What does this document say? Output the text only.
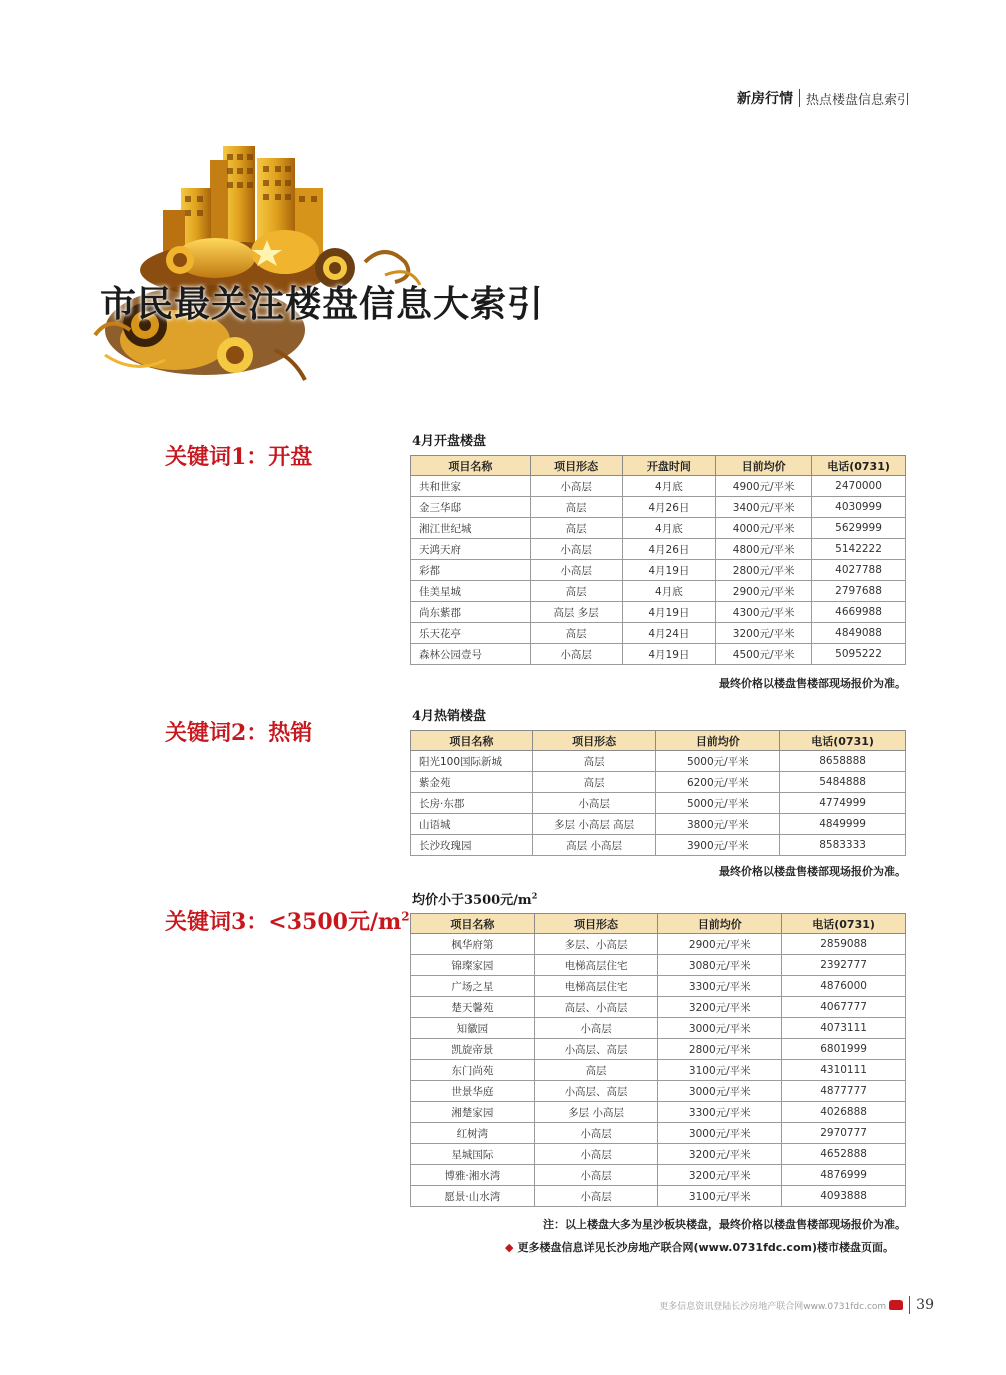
新房行情 热点楼盘信息索引
市民最关注楼盘信息大索引
关键词1：开盘
4月开盘楼盘
项目名称	项目形态	开盘时间	目前均价	电话(0731)
共和世家	小高层	4月底	4900元/平米	2470000
金三华邸	高层	4月26日	3400元/平米	4030999
湘江世纪城	高层	4月底	4000元/平米	5629999
天鸿天府	小高层	4月26日	4800元/平米	5142222
彩都	小高层	4月19日	2800元/平米	4027788
佳美星城	高层	4月底	2900元/平米	2797688
尚东紫郡	高层 多层	4月19日	4300元/平米	4669988
乐天花亭	高层	4月24日	3200元/平米	4849088
森林公园壹号	小高层	4月19日	4500元/平米	5095222
最终价格以楼盘售楼部现场报价为准。
关键词2：热销
4月热销楼盘
项目名称	项目形态	目前均价	电话(0731)
阳光100国际新城	高层	5000元/平米	8658888
紫金苑	高层	6200元/平米	5484888
长房·东郡	小高层	5000元/平米	4774999
山语城	多层 小高层 高层	3800元/平米	4849999
长沙玫瑰园	高层 小高层	3900元/平米	8583333
最终价格以楼盘售楼部现场报价为准。
关键词3：<3500元$/m^2$
均价小于3500元$/m^2$
项目名称	项目形态	目前均价	电话(0731)
枫华府第	多层、小高层	2900元/平米	2859088
锦璨家园	电梯高层住宅	3080元/平米	2392777
广场之星	电梯高层住宅	3300元/平米	4876000
楚天馨苑	高层、小高层	3200元/平米	4067777
知徽园	小高层	3000元/平米	4073111
凯旋帝景	小高层、高层	2800元/平米	6801999
东门尚苑	高层	3100元/平米	4310111
世景华庭	小高层、高层	3000元/平米	4877777
湘楚家园	多层 小高层	3300元/平米	4026888
红树湾	小高层	3000元/平米	2970777
星城国际	小高层	3200元/平米	4652888
博雅·湘水湾	小高层	3200元/平米	4876999
愿景·山水湾	小高层	3100元/平米	4093888
注：以上楼盘大多为星沙板块楼盘，最终价格以楼盘售楼部现场报价为准。
◆ 更多楼盘信息详见长沙房地产联合网(www.0731fdc.com)楼市楼盘页面。
更多信息资讯登陆长沙房地产联合网www.0731fdc.com 39
